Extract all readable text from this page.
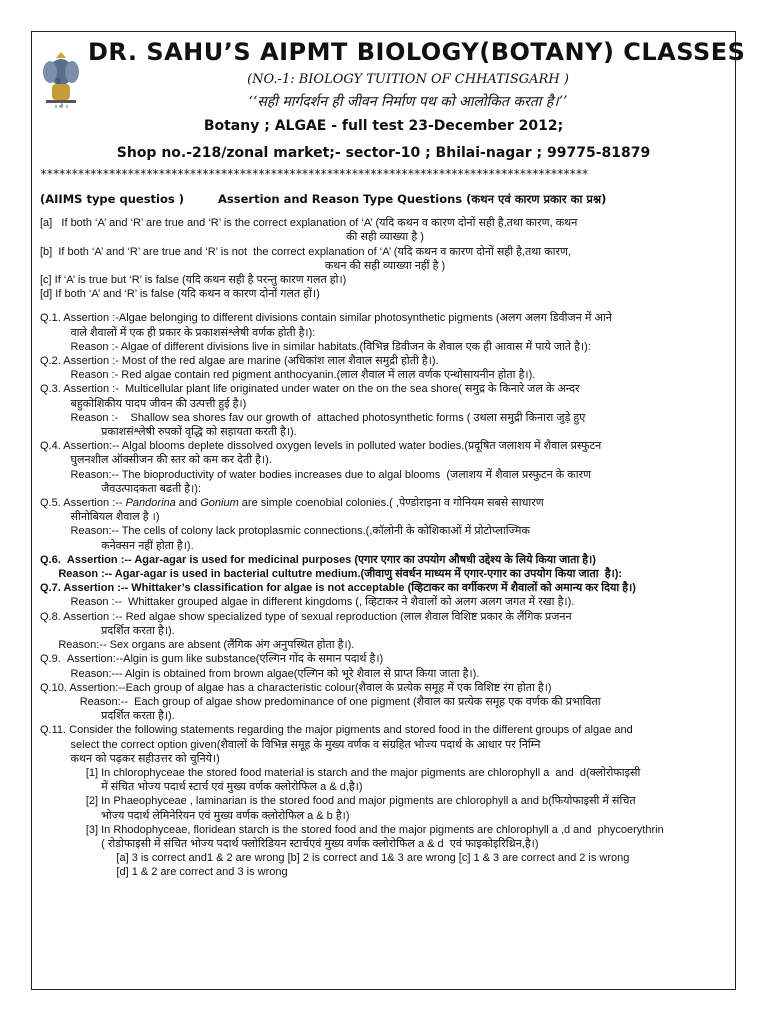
॥ श्री ॥
DR. SAHU’S AIPMT BIOLOGY(BOTANY) CLASSES
(NO.-1: BIOLOGY TUITION OF CHHATISGARH )
‘‘सही मार्गदर्शन ही जीवन निर्माण पथ को आलोकित करता है।’’
Botany ; ALGAE - full test 23-December 2012;
Shop no.-218/zonal market;- sector-10 ; Bhilai-nagar ; 99775-81879
****************************************************************************************
(AIIMS type questios )	Assertion and Reason Type Questions (कथन एवं कारण प्रकार का प्रश्न)
[a]   If both ‘A’ and ‘R’ are true and ‘R’ is the correct explanation of ‘A’ (यदि कथन व कारण दोनों सही है,तथा कारण, कथन
की सही व्याख्या है )
[b]  If both ‘A’ and ‘R’ are true and ‘R’ is not  the correct explanation of ‘A’ (यदि कथन व कारण दोनों सही है,तथा कारण,
कथन की सही व्याख्या नहीं है )
[c] If ‘A’ is true but ‘R’ is false (यदि कथन सही है परन्तु कारण गलत हो।)
[d] If both ‘A’ and ‘R’ is false (यदि कथन व कारण दोनों गलत हों।)
Q.1. Assertion :-Algae belonging to different divisions contain similar photosynthetic pigments (अलग अलग डिवीजन में आने
वाले शैवालों में एक ही प्रकार के प्रकाशसंश्लेषी वर्णक होती है।):
Reason :- Algae of different divisions live in similar habitats.(विभिन्न डिवीजन के शैवाल एक ही आवास में पाये जाते है।):
Q.2. Assertion :- Most of the red algae are marine (अधिकांश लाल शैवाल समुद्री होती है।).
Reason :- Red algae contain red pigment anthocyanin.(लाल शैवाल में लाल वर्णक एन्थोसायनीन होता है।).
Q.3. Assertion :-  Multicellular plant life originated under water on the on the sea shore( समुद्र के किनारे जल के अन्दर
बहुकोशिकीय पादप जीवन की उत्पत्ती हुई है।)
Reason :-    Shallow sea shores fav our growth of  attached photosynthetic forms ( उथला समुद्री किनारा जुड़े हुए
प्रकाशसंश्लेषी रुपकों वृद्धि को सहायता करती है।).
Q.4. Assertion:-- Algal blooms deplete dissolved oxygen levels in polluted water bodies.(प्रदूषित जलाशय में शैवाल प्रस्फुटन
घुलनशील ऑक्सीजन की स्तर को कम कर देती है।).
Reason:-- The bioproductivity of water bodies increases due to algal blooms  (जलाशय में शैवाल प्रस्फुटन के कारण
जैवउत्पादकता बढती है।):
Q.5. Assertion :-- Pandorina and Gonium are simple coenobial colonies.( ,पेण्डोराइना व गोनियम सबसे साधारण
सीनोबियल शैवाल है ।)
Reason:-- The cells of colony lack protoplasmic connections.(,कॉलोनी के कोशिकाओं में प्रोटोप्लाज्मिक
कनेक्सन नहीं होता है।).
Q.6.  Assertion :-- Agar-agar is used for medicinal purposes (एगार एगार का उपयोग औषधी उद्देश्य के लिये किया जाता है।)
Reason :-- Agar-agar is used in bacterial cultutre medium.(जीवाणु संवर्धन माध्यम में एगार-एगार का उपयोग किया जाता  है।):
Q.7. Assertion :-- Whittaker’s classification for algae is not acceptable (व्हिटाकर का वर्गीकरण में शैवालों को अमान्य कर दिया है।)
Reason :--  Whittaker grouped algae in different kingdoms (, व्हिटाकर ने शैवालों को अलग अलग जगत में रखा है।).
Q.8. Assertion :-- Red algae show specialized type of sexual reproduction (लाल शैवाल विशिष्ट प्रकार के लैंगिक प्रजनन
प्रदर्शित करता है।).
Reason:-- Sex organs are absent (लैंगिक अंग अनुपस्थित होता है।).
Q.9.  Assertion:--Algin is gum like substance(एल्गिन गोंद के समान पदार्थ है।)
Reason:--- Algin is obtained from brown algae(एल्गिन को भूरे शैवाल से प्राप्त किया जाता है।).
Q.10. Assertion:--Each group of algae has a characteristic colour(शैवाल के प्रत्येक समूह में एक विशिष्ट रंग होता है।)
Reason:--  Each group of algae show predominance of one pigment (शैवाल का प्रत्येक समूह एक वर्णक की प्रभाविता
प्रदर्शित करता है।).
Q.11. Consider the following statements regarding the major pigments and stored food in the different groups of algae and
select the correct option given(शैवालों के विभिन्न समूह के मुख्य वर्णक व संग्रहित भोज्य पदार्थ के आधार पर निम्नि
कथन को पढ़कर सहीउत्तर को चुनिये।)
[1] In chlorophyceae the stored food material is starch and the major pigments are chlorophyll a  and  d(क्लोरोफाइसी
में संचित भोज्य पदार्थ स्टार्च एवं मुख्य वर्णक क्लोरोफिल a & d,है।)
[2] In Phaeophyceae , laminarian is the stored food and major pigments are chlorophyll a and b(फियोफाइसी में संचित
भोज्य पदार्थ लेमिनेरियन एवं मुख्य वर्णक क्लोरोफिल a & b है।)
[3] In Rhodophyceae, floridean starch is the stored food and the major pigments are chlorophyll a ,d and  phycoerythrin
( रोडोफाइसी में संचित भोज्य पदार्थ फ्लोरिडियन स्टार्चएवं मुख्य वर्णक क्लोरोफिल a & d  एवं फाइकोइरिथ्रिन,है।)
[a] 3 is correct and1 & 2 are wrong [b] 2 is correct and 1& 3 are wrong [c] 1 & 3 are correct and 2 is wrong
[d] 1 & 2 are correct and 3 is wrong
